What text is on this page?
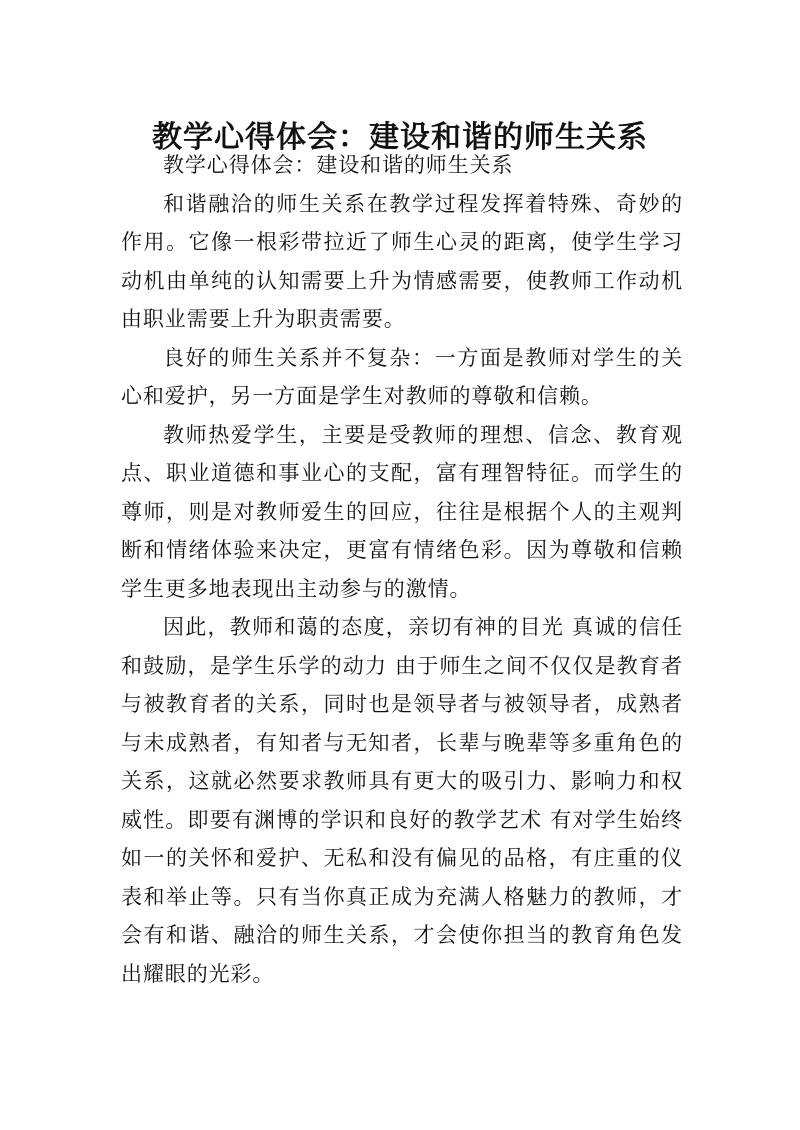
教学心得体会：建设和谐的师生关系

教学心得体会：建设和谐的师生关系

和谐融洽的师生关系在教学过程发挥着特殊、奇妙的作用。它像一根彩带拉近了师生心灵的距离，使学生学习动机由单纯的认知需要上升为情感需要，使教师工作动机由职业需要上升为职责需要。

良好的师生关系并不复杂：一方面是教师对学生的关心和爱护，另一方面是学生对教师的尊敬和信赖。

教师热爱学生，主要是受教师的理想、信念、教育观点、职业道德和事业心的支配，富有理智特征。而学生的尊师，则是对教师爱生的回应，往往是根据个人的主观判断和情绪体验来决定，更富有情绪色彩。因为尊敬和信赖 学生更多地表现出主动参与的激情。

因此，教师和蔼的态度，亲切有神的目光 真诚的信任和鼓励，是学生乐学的动力 由于师生之间不仅仅是教育者与被教育者的关系，同时也是领导者与被领导者，成熟者与未成熟者，有知者与无知者，长辈与晚辈等多重角色的关系，这就必然要求教师具有更大的吸引力、影响力和权威性。即要有渊博的学识和良好的教学艺术 有对学生始终如一的关怀和爱护、无私和没有偏见的品格，有庄重的仪表和举止等。只有当你真正成为充满人格魅力的教师，才会有和谐、融洽的师生关系，才会使你担当的教育角色发出耀眼的光彩。
